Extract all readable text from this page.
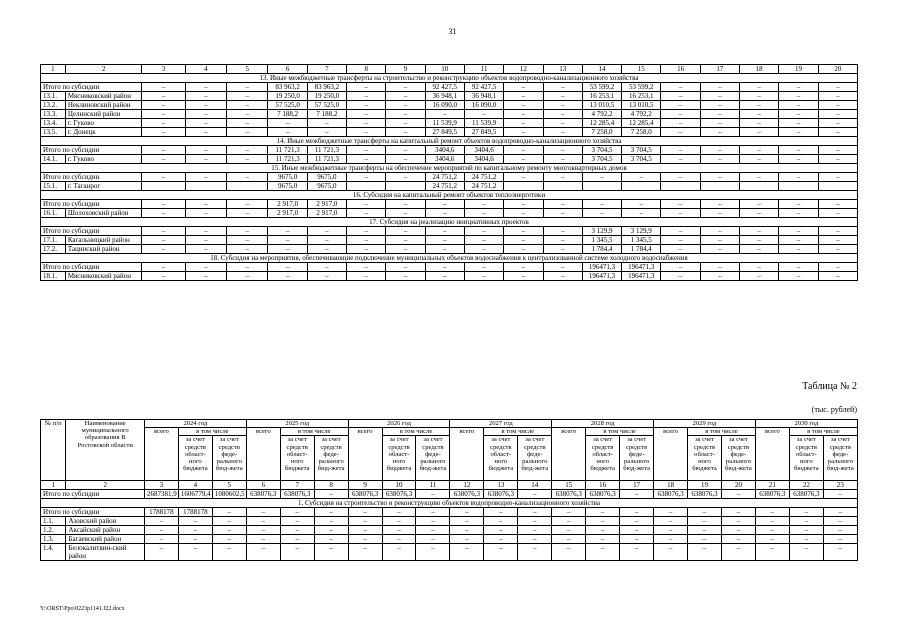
31
1	2	3	4	5	6	7	8	9	10	11	12	13	14	15	16	17	18	19	20
13. Иные межбюджетные трансферты на строительство и реконструкцию объектов водопроводно-канализационного хозяйства																			
Итого по субсидии		–	–	–	83 963,2	83 963,2	–	–	92 427,5	92 427,5	–	–	53 599,2	53 599,2	–	–	–	–	–
13.1.	Мясниковский район	–	–	–	19 250,0	19 250,0	–	–	36 948,1	36 948,1	–	–	16 253,1	16 253,1	–	–	–	–	–
13.2.	Неклиновский район	–	–	–	57 525,0	57 525,0	–	–	16 090,0	16 090,0	–	–	13 010,5	13 010,5	–	–	–	–	–
13.3.	Целинский район	–	–	–	7 188,2	7 188,2	–	–	–	–	–	–	4 792,2	4 792,2	–	–	–	–	–
13.4.	г. Гуково	–	–	–	–	–	–	–	11 539,9	11 539,9	–	–	12 285,4	12 285,4	–	–	–	–	–
13.5.	г. Донецк	–	–	–	–	–	–	–	27 849,5	27 849,5	–	–	7 258,0	7 258,0	–	–	–	–	–
14. Иные межбюджетные трансферты на капитальный ремонт объектов водопроводно-канализационного хозяйства																			
Итого по субсидии		–	–	–	11 721,3	11 721,3	–	–	3404,6	3404,6	–	–	3 704,5	3 704,5	–	–	–	–	–
14.1.	г. Гуково	–	–	–	11 721,3	11 721,3	–	–	3404,6	3404,6	–	–	3 704,5	3 704,5	–	–	–	–	–
15. Иные межбюджетные трансферты на обеспечение мероприятий по капитальному ремонту многоквартирных домов																			
Итого по субсидии		–	–	–	9675,0	9675,0	–	–	24 751,2	24 751,2	–	–	–	–	–	–	–	–	–
15.1.	г. Таганрог				9675,0	9675,0			24 751,2	24 751,2									
16. Субсидия на капитальный ремонт объектов теплоэнергетики																			
Итого по субсидии		–	–	–	2 917,0	2 917,0	–	–	–	–	–	–	–	–	–	–	–	–	–
16.1.	Шолоховский район	–	–	–	2 917,0	2 917,0	–	–	–	–	–	–	–	–	–	–	–	–	–
17. Субсидия на реализацию инициативных проектов																			
Итого по субсидии		–	–	–	–	–	–	–	–	–	–	–	3 129,9	3 129,9	–	–	–	–	–
17.1.	Кагальницкий район	–	–	–	–	–	–	–	–	–	–	–	1 345,5	1 345,5	–	–	–	–	–
17.2.	Тацинский район	–	–	–	–	–	–	–	–	–	–	–	1 784,4	1 784,4	–	–	–	–	–
18. Субсидия на мероприятия, обеспечивающие подключение муниципальных объектов водоснабжения к централизованной системе холодного водоснабжения																			
Итого по субсидии		–	–	–	–	–	–	–	–	–	–	–	196471,3	196471,3	–	–	–	–	–
18.1.	Мясниковский район	–	–	–	–	–	–	–	–	–	–	–	196471,3	196471,3	–	–	–	–	–
Таблица № 2
(тыс. рублей)
№ п/п	Наименование муниципального образования В Ростовской области	2024 год			2025 год			2026 год			2027 год			2028 год			2029 год			2030 год		
		всего	в том числе		всего	в том числе		всего	в том числе		всего	в том числе		всего	в том числе		всего	в том числе		всего	в том числе	
			за счет средств област-ного бюджета	за счет средств феде-рального бюд-жета		за счет средств област-ного бюджета	за счет средств феде-рального бюд-жета		за счет средств област-ного бюджета	за счет средств феде-рального бюд-жета		за счет средств област-ного бюджета	за счет средств феде-рального бюд-жета		за счет средств област-ного бюджета	за счет средств феде-рального бюд-жета		за счет средств област-ного бюджета	за счет средств феде-рального бюд-жета		за счет средств област-ного бюджета	за счет средств феде-рального бюд-жета
1	2	3	4	5	6	7	8	9	10	11	12	13	14	15	16	17	18	19	20	21	22	23
Итого по субсидии		2687381,9	1606779,4	1080602,5	638076,3	638076,3	–	638076,3	638076,3	–	638076,3	638076,3	–	638076,3	638076,3	–	638076,3	638076,3	–	638076,3	638076,3	–
1. Субсидия на строительство и реконструкцию объектов водопроводно-канализационного хозяйства																						
Итого по субсидии		1788178	1788178	–	–	–	–	–	–	–	–	–	–	–	–	–	–	–	–	–	–	–
1.1.	Азовский район	–	–	–	–	–	–	–	–	–	–	–	–	–	–	–	–	–	–	–	–	–
1.2.	Аксайский район	–	–	–	–	–	–	–	–	–	–	–	–	–	–	–	–	–	–	–	–	–
1.3.	Багаевский район	–	–	–	–	–	–	–	–	–	–	–	–	–	–	–	–	–	–	–	–	–
1.4.	Белокалитвин-ский район	–	–	–	–	–	–	–	–	–	–	–	–	–	–	–	–	–	–	–	–	–
Y:\ORST\Ppo\0223p1141.f22.docx
